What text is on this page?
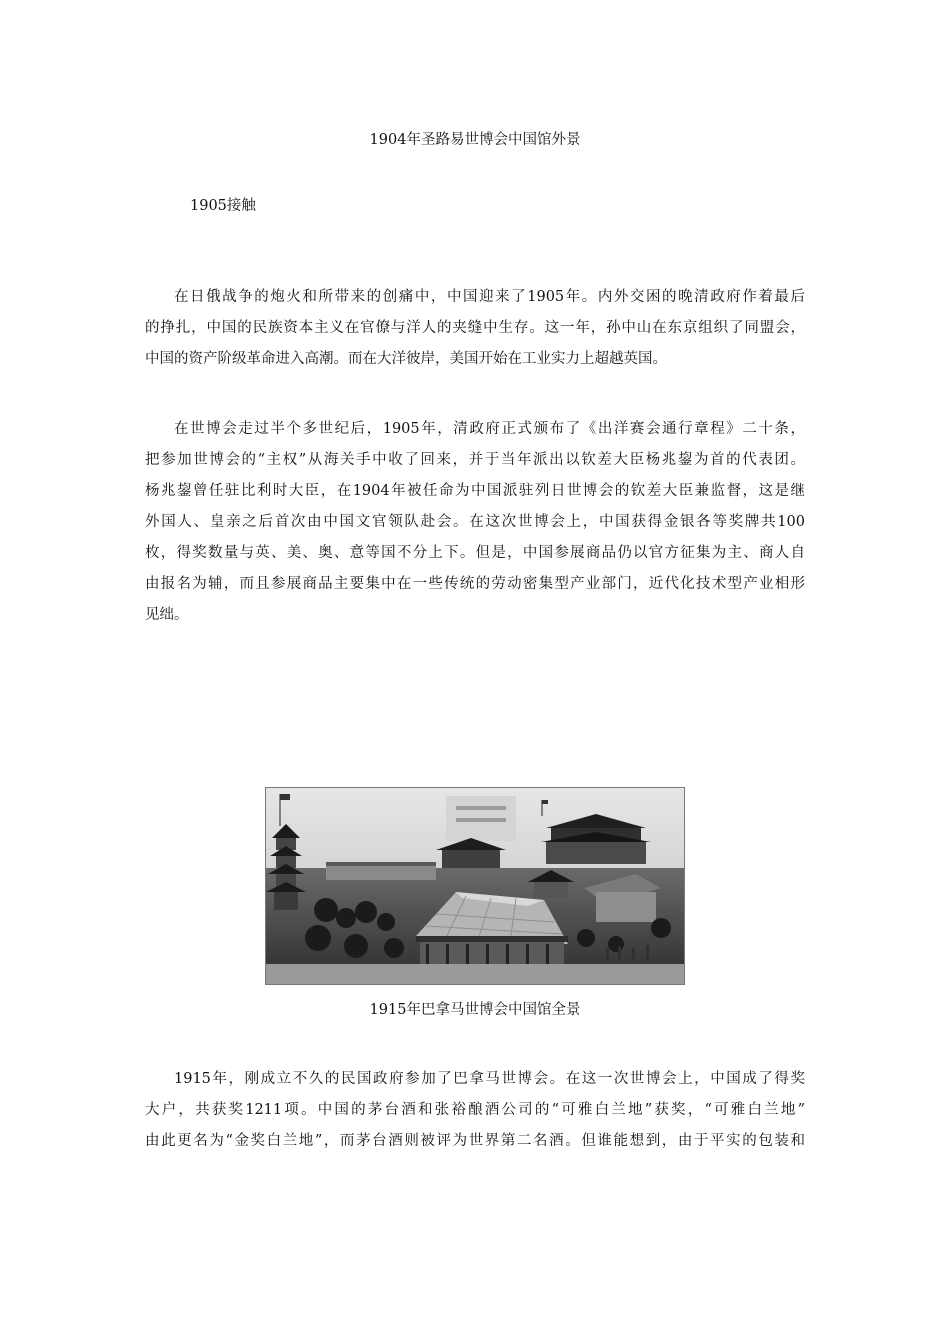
1904年圣路易世博会中国馆外景
1905接触
在日俄战争的炮火和所带来的创痛中，中国迎来了1905年。内外交困的晚清政府作着最后
的挣扎，中国的民族资本主义在官僚与洋人的夹缝中生存。这一年，孙中山在东京组织了同盟会，
中国的资产阶级革命进入高潮。而在大洋彼岸，美国开始在工业实力上超越英国。
在世博会走过半个多世纪后，1905年，清政府正式颁布了《出洋赛会通行章程》二十条，
把参加世博会的“主权”从海关手中收了回来，并于当年派出以钦差大臣杨兆鋆为首的代表团。
杨兆鋆曾任驻比利时大臣，在1904年被任命为中国派驻列日世博会的钦差大臣兼监督，这是继
外国人、皇亲之后首次由中国文官领队赴会。在这次世博会上，中国获得金银各等奖牌共100
枚，得奖数量与英、美、奥、意等国不分上下。但是，中国参展商品仍以官方征集为主、商人自
由报名为辅，而且参展商品主要集中在一些传统的劳动密集型产业部门，近代化技术型产业相形
见绌。
1915年巴拿马世博会中国馆全景
1915年，刚成立不久的民国政府参加了巴拿马世博会。在这一次世博会上，中国成了得奖
大户，共获奖1211项。中国的茅台酒和张裕酿酒公司的“可雅白兰地”获奖，“可雅白兰地”
由此更名为“金奖白兰地”，而茅台酒则被评为世界第二名酒。但谁能想到，由于平实的包装和
